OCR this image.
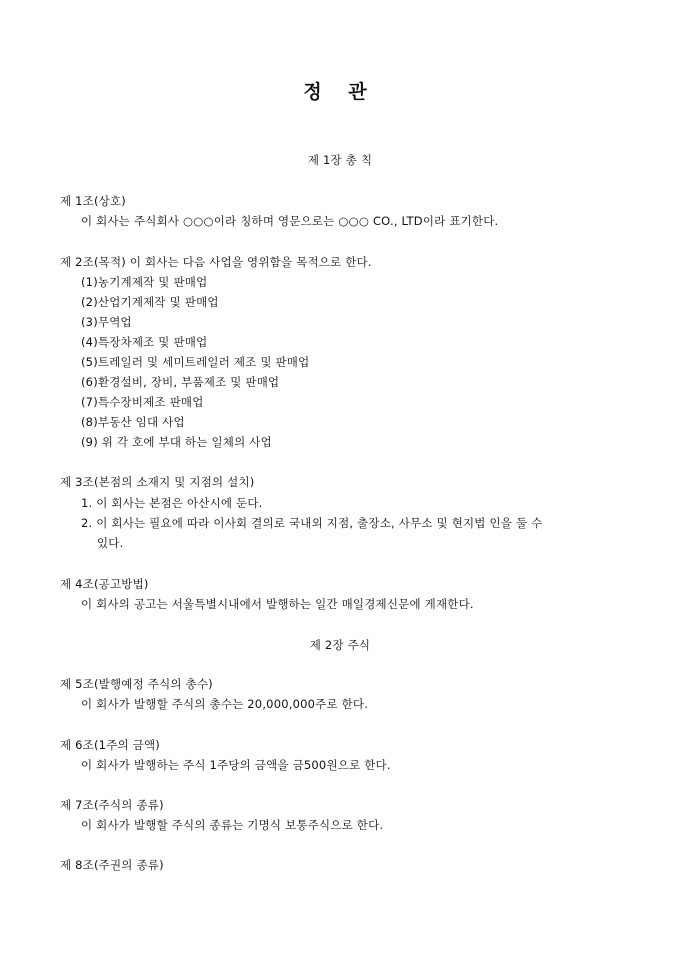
정 관
제 1장 총 칙
제 1조(상호)
이 회사는 주식회사 ○○○이라 칭하며 영문으로는 ○○○ CO., LTD이라 표기한다.
제 2조(목적) 이 회사는 다음 사업을 영위함을 목적으로 한다.
(1)농기계제작 및 판매업
(2)산업기계제작 및 판매업
(3)무역업
(4)특장차제조 및 판매업
(5)트레일러 및 세미트레일러 제조 및 판매업
(6)환경설비, 장비, 부품제조 및 판매업
(7)특수장비제조 판매업
(8)부동산 임대 사업
(9) 위 각 호에 부대 하는 일체의 사업
제 3조(본점의 소재지 및 지점의 설치)
1. 이 회사는 본점은 아산시에 둔다.
2. 이 회사는 필요에 따라 이사회 결의로 국내외 지점, 출장소, 사무소 및 현지법 인을 둘 수
있다.
제 4조(공고방법)
이 회사의 공고는 서울특별시내에서 발행하는 일간 매일경제신문에 게재한다.
제 2장 주식
제 5조(발행예정 주식의 총수)
이 회사가 발행할 주식의 총수는 20,000,000주로 한다.
제 6조(1주의 금액)
이 회사가 발행하는 주식 1주당의 금액을 금500원으로 한다.
제 7조(주식의 종류)
이 회사가 발행할 주식의 종류는 기명식 보통주식으로 한다.
제 8조(주권의 종류)
